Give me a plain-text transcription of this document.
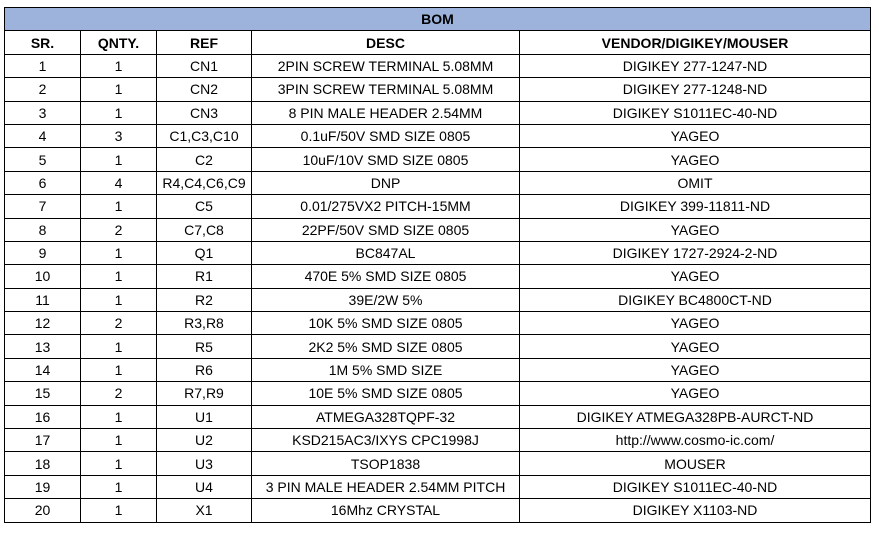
BOM				
SR.	QNTY.	REF	DESC	VENDOR/DIGIKEY/MOUSER
1	1	CN1	2PIN SCREW TERMINAL 5.08MM	DIGIKEY 277-1247-ND
2	1	CN2	3PIN SCREW TERMINAL 5.08MM	DIGIKEY 277-1248-ND
3	1	CN3	8 PIN MALE HEADER 2.54MM	DIGIKEY S1011EC-40-ND
4	3	C1,C3,C10	0.1uF/50V SMD SIZE 0805	YAGEO
5	1	C2	10uF/10V SMD SIZE 0805	YAGEO
6	4	R4,C4,C6,C9	DNP	OMIT
7	1	C5	0.01/275VX2 PITCH-15MM	DIGIKEY 399-11811-ND
8	2	C7,C8	22PF/50V SMD SIZE 0805	YAGEO
9	1	Q1	BC847AL	DIGIKEY 1727-2924-2-ND
10	1	R1	470E 5% SMD SIZE 0805	YAGEO
11	1	R2	39E/2W 5%	DIGIKEY BC4800CT-ND
12	2	R3,R8	10K 5% SMD SIZE 0805	YAGEO
13	1	R5	2K2 5% SMD SIZE 0805	YAGEO
14	1	R6	1M 5% SMD SIZE	YAGEO
15	2	R7,R9	10E 5% SMD SIZE 0805	YAGEO
16	1	U1	ATMEGA328TQPF-32	DIGIKEY ATMEGA328PB-AURCT-ND
17	1	U2	KSD215AC3/IXYS CPC1998J	http://www.cosmo-ic.com/
18	1	U3	TSOP1838	MOUSER
19	1	U4	3 PIN MALE HEADER 2.54MM PITCH	DIGIKEY S1011EC-40-ND
20	1	X1	16Mhz CRYSTAL	DIGIKEY X1103-ND
